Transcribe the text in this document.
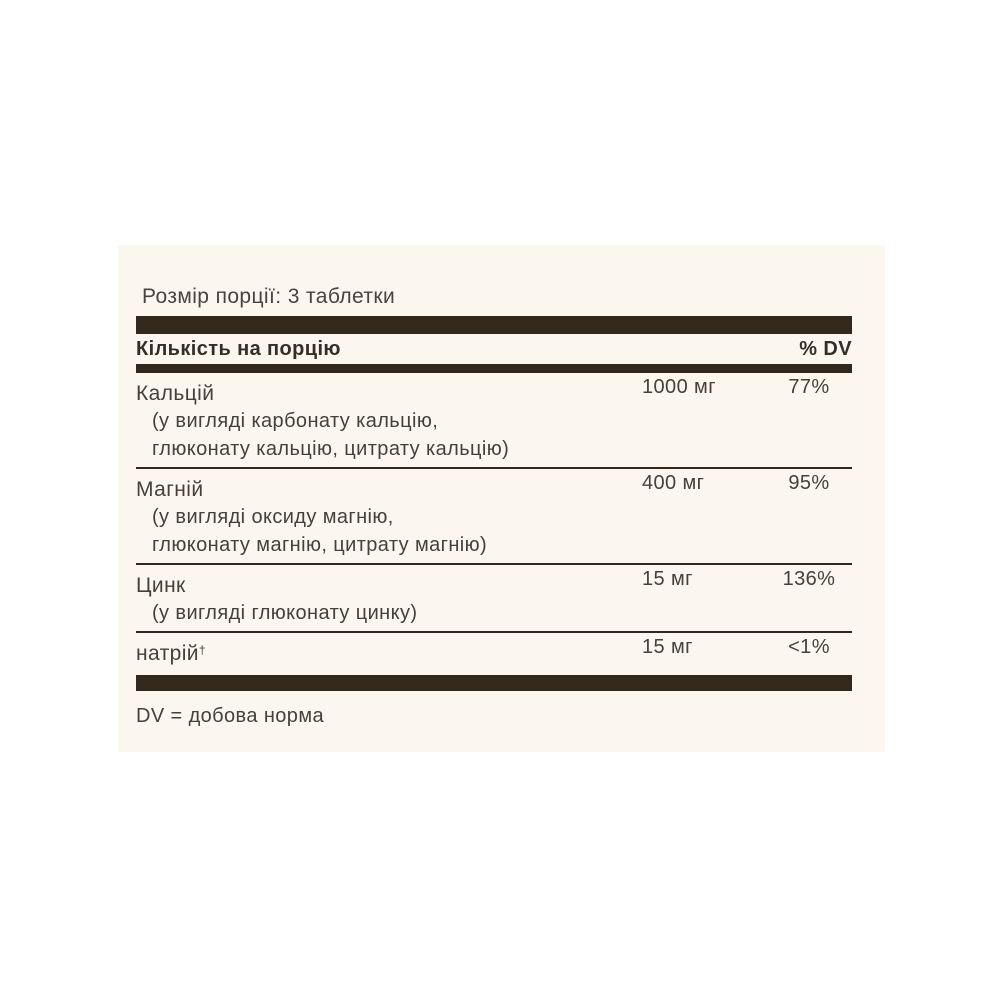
Розмір порції: 3 таблетки
Кількість на порцію	% DV
Кальцій	1000 мг	77%
(у вигляді карбонату кальцію,
глюконату кальцію, цитрату кальцію)
Магній	400 мг	95%
(у вигляді оксиду магнію,
глюконату магнію, цитрату магнію)
Цинк	15 мг	136%
(у вигляді глюконату цинку)
натрій†	15 мг	<1%
DV = добова норма
